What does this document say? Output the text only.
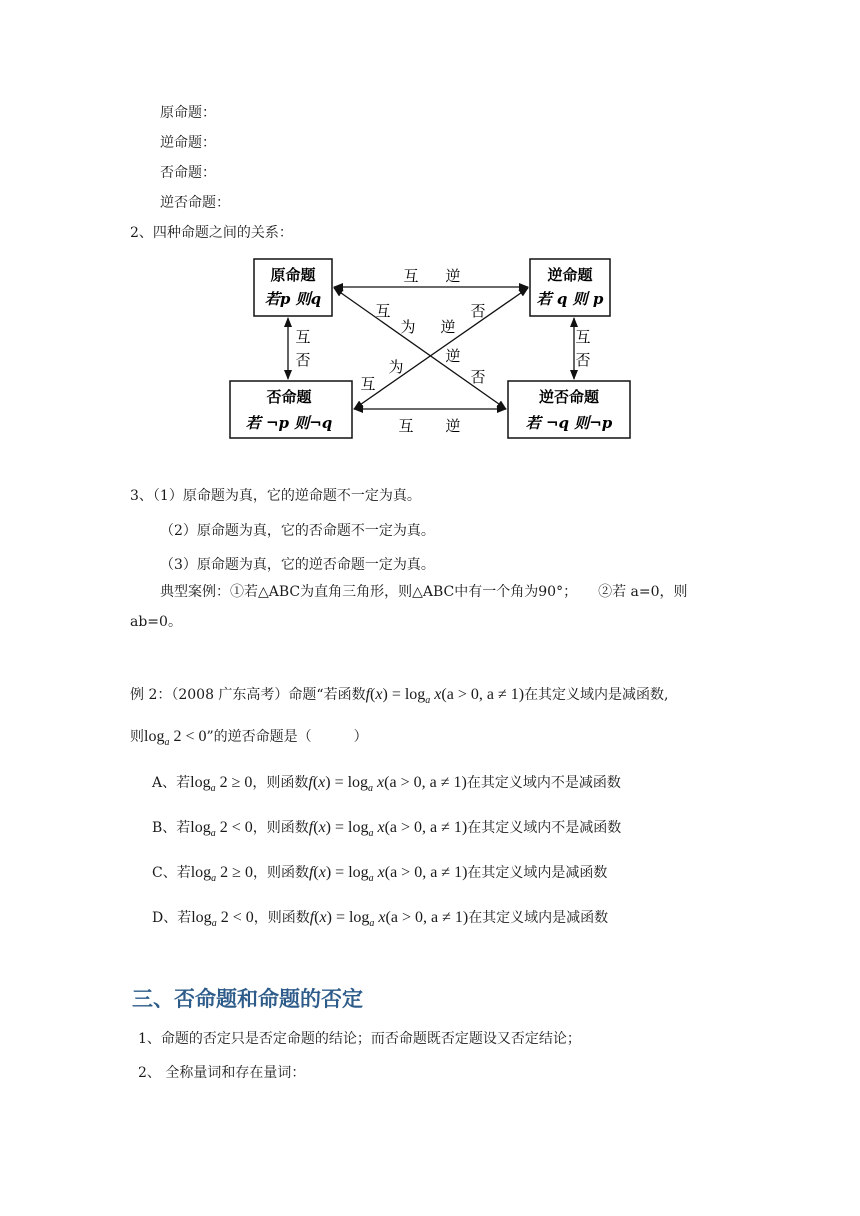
原命题：
逆命题：
否命题：
逆否命题：
2、四种命题之间的关系：
原命题
若p 则q
逆命题
若 q 则 p
否命题
若 ¬p 则¬q
逆否命题
若 ¬q 则¬p
互 逆
互 逆
互
否
互
否
互
为 逆
否
为
逆
互	否
3、（1）原命题为真，它的逆命题不一定为真。
（2）原命题为真，它的否命题不一定为真。
（3）原命题为真，它的逆否命题一定为真。
典型案例：①若△ABC为直角三角形，则△ABC中有一个角为90°；　　②若 a=0，则
ab=0。
例 2：（2008 广东高考）命题“若函数$f(x) = \log_a x(a > 0$, a ≠ 1)在其定义域内是减函数,
则$\log_a 2 < 0$”的逆否命题是（　　　）
A、若$\log_a 2 \ge 0$，则函数$f(x) = \log_a x(a > 0$, a ≠ 1)在其定义域内不是减函数
B、若$\log_a 2 < 0$，则函数$f(x) = \log_a x(a > 0$, a ≠ 1)在其定义域内不是减函数
C、若$\log_a 2 \ge 0$，则函数$f(x) = \log_a x(a > 0$, a ≠ 1)在其定义域内是减函数
D、若$\log_a 2 < 0$，则函数$f(x) = \log_a x(a > 0$, a ≠ 1)在其定义域内是减函数
三、否命题和命题的否定
1、命题的否定只是否定命题的结论；而否命题既否定题设又否定结论；
2、 全称量词和存在量词：
